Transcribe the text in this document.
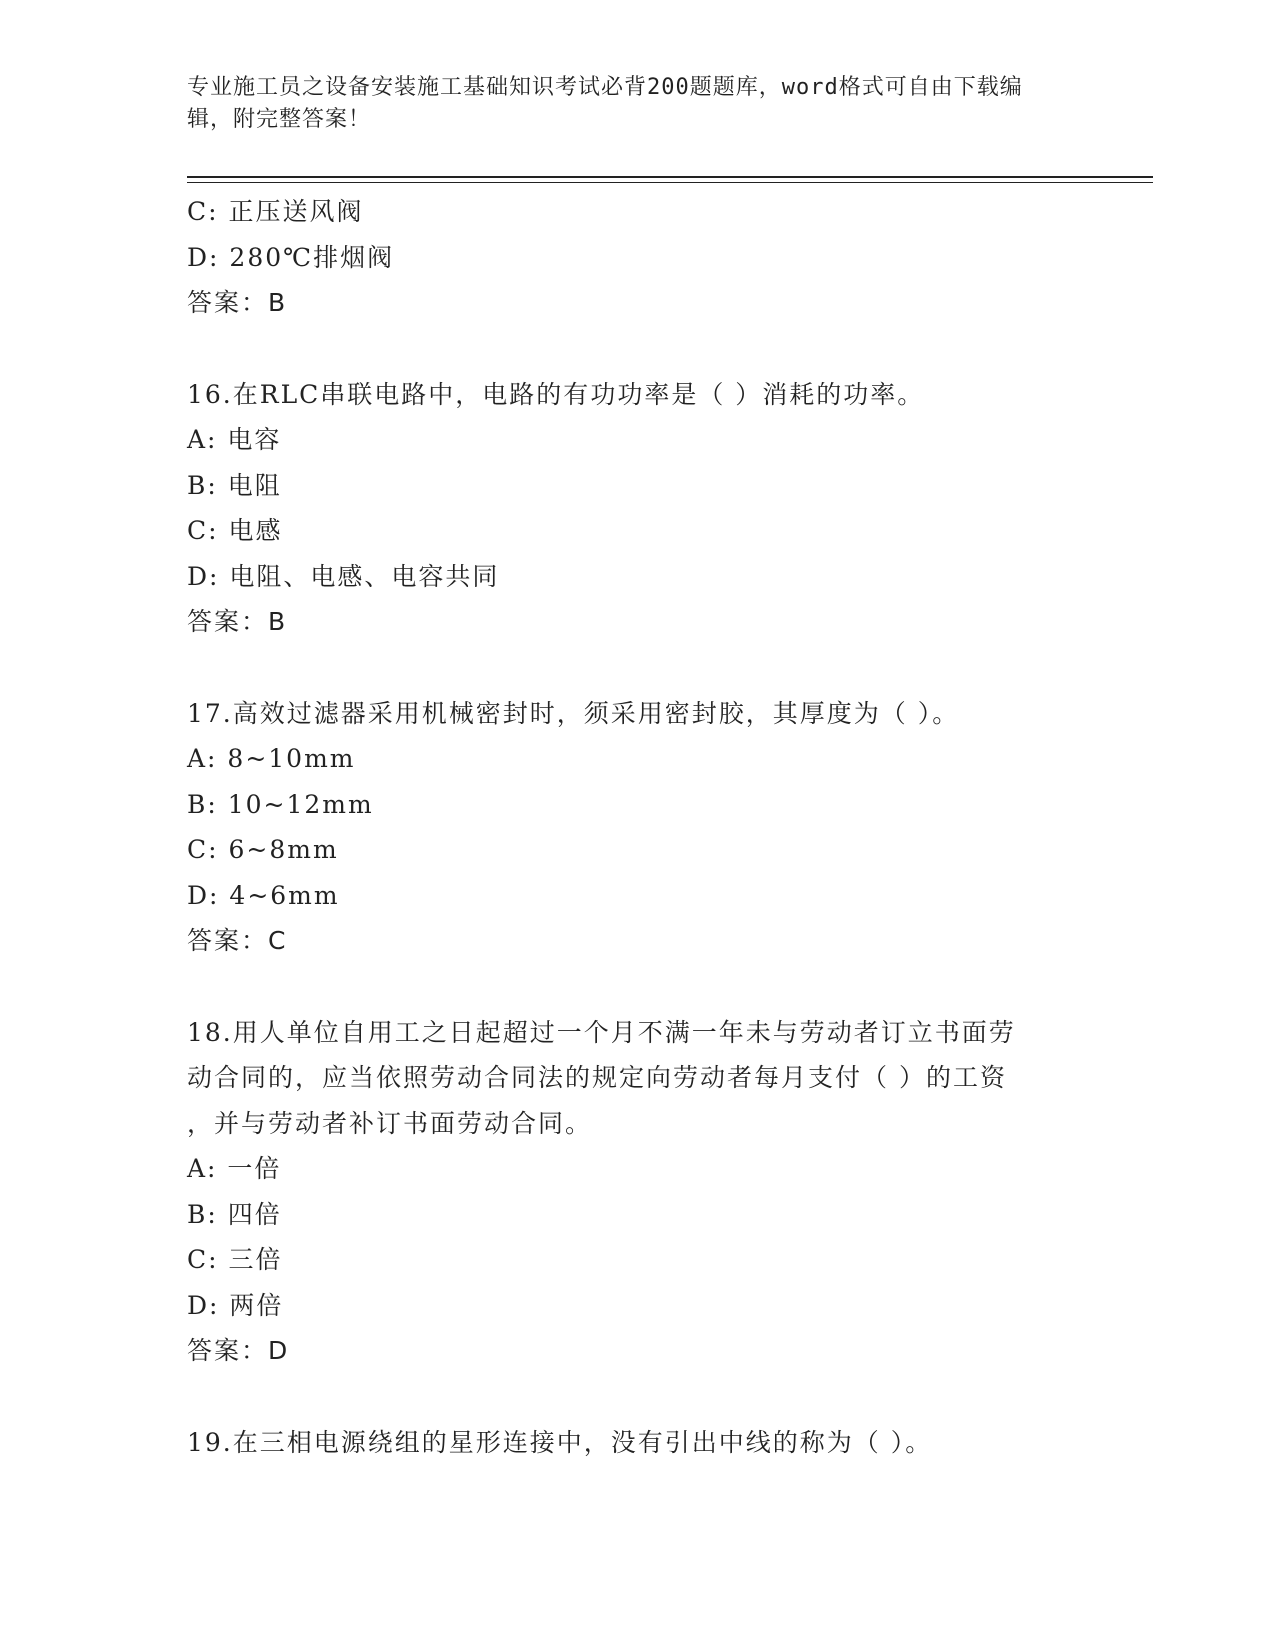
专业施工员之设备安装施工基础知识考试必背200题题库，word格式可自由下载编辑，附完整答案！
C: 正压送风阀
D: 280℃排烟阀
答案：B
16.在RLC串联电路中，电路的有功功率是（ ）消耗的功率。
A: 电容
B: 电阻
C: 电感
D: 电阻、电感、电容共同
答案：B
17.高效过滤器采用机械密封时，须采用密封胶，其厚度为（ ）。
A: 8~10mm
B: 10~12mm
C: 6~8mm
D: 4~6mm
答案：C
18.用人单位自用工之日起超过一个月不满一年未与劳动者订立书面劳
动合同的，应当依照劳动合同法的规定向劳动者每月支付（ ）的工资
，并与劳动者补订书面劳动合同。
A: 一倍
B: 四倍
C: 三倍
D: 两倍
答案：D
19.在三相电源绕组的星形连接中，没有引出中线的称为（ ）。
